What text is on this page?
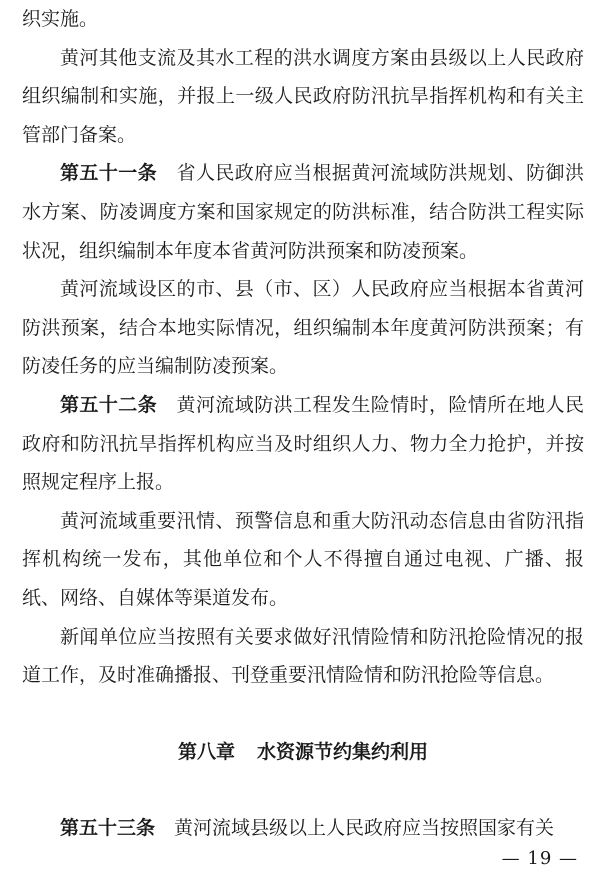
织实施。

黄河其他支流及其水工程的洪水调度方案由县级以上人民政府组织编制和实施，并报上一级人民政府防汛抗旱指挥机构和有关主管部门备案。

第五十一条　 省人民政府应当根据黄河流域防洪规划、防御洪水方案、防凌调度方案和国家规定的防洪标准，结合防洪工程实际状况，组织编制本年度本省黄河防洪预案和防凌预案。

黄河流域设区的市、县（市、区）人民政府应当根据本省黄河防洪预案，结合本地实际情况，组织编制本年度黄河防洪预案；有防凌任务的应当编制防凌预案。

第五十二条　 黄河流域防洪工程发生险情时，险情所在地人民政府和防汛抗旱指挥机构应当及时组织人力、物力全力抢护，并按照规定程序上报。

黄河流域重要汛情、预警信息和重大防汛动态信息由省防汛指挥机构统一发布，其他单位和个人不得擅自通过电视、广播、报纸、网络、自媒体等渠道发布。

新闻单位应当按照有关要求做好汛情险情和防汛抢险情况的报道工作，及时准确播报、刊登重要汛情险情和防汛抢险等信息。

第八章 水资源节约集约利用

第五十三条　 黄河流域县级以上人民政府应当按照国家有关

— 19 —
